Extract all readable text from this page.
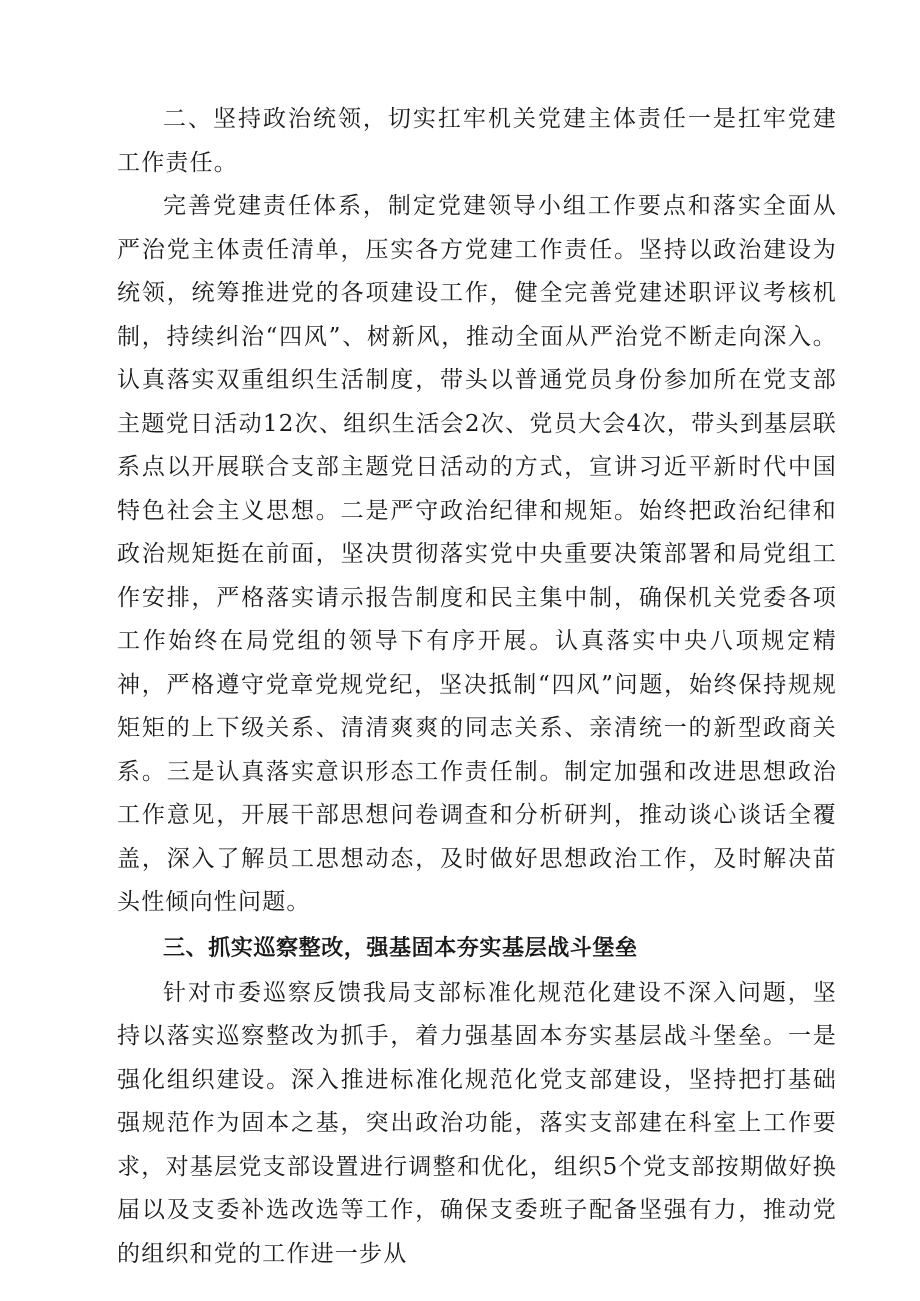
二、坚持政治统领，切实扛牢机关党建主体责任一是扛牢党建工作责任。

完善党建责任体系，制定党建领导小组工作要点和落实全面从严治党主体责任清单，压实各方党建工作责任。坚持以政治建设为统领，统筹推进党的各项建设工作，健全完善党建述职评议考核机制，持续纠治“四风”、树新风，推动全面从严治党不断走向深入。认真落实双重组织生活制度，带头以普通党员身份参加所在党支部主题党日活动12次、组织生活会2次、党员大会4次，带头到基层联系点以开展联合支部主题党日活动的方式，宣讲习近平新时代中国特色社会主义思想。二是严守政治纪律和规矩。始终把政治纪律和政治规矩挺在前面，坚决贯彻落实党中央重要决策部署和局党组工作安排，严格落实请示报告制度和民主集中制，确保机关党委各项工作始终在局党组的领导下有序开展。认真落实中央八项规定精神，严格遵守党章党规党纪，坚决抵制“四风”问题，始终保持规规矩矩的上下级关系、清清爽爽的同志关系、亲清统一的新型政商关系。三是认真落实意识形态工作责任制。制定加强和改进思想政治工作意见，开展干部思想问卷调查和分析研判，推动谈心谈话全覆盖，深入了解员工思想动态，及时做好思想政治工作，及时解决苗头性倾向性问题。

三、抓实巡察整改，强基固本夯实基层战斗堡垒

针对市委巡察反馈我局支部标准化规范化建设不深入问题，坚持以落实巡察整改为抓手，着力强基固本夯实基层战斗堡垒。一是强化组织建设。深入推进标准化规范化党支部建设，坚持把打基础强规范作为固本之基，突出政治功能，落实支部建在科室上工作要求，对基层党支部设置进行调整和优化，组织5个党支部按期做好换届以及支委补选改选等工作，确保支委班子配备坚强有力，推动党的组织和党的工作进一步从
